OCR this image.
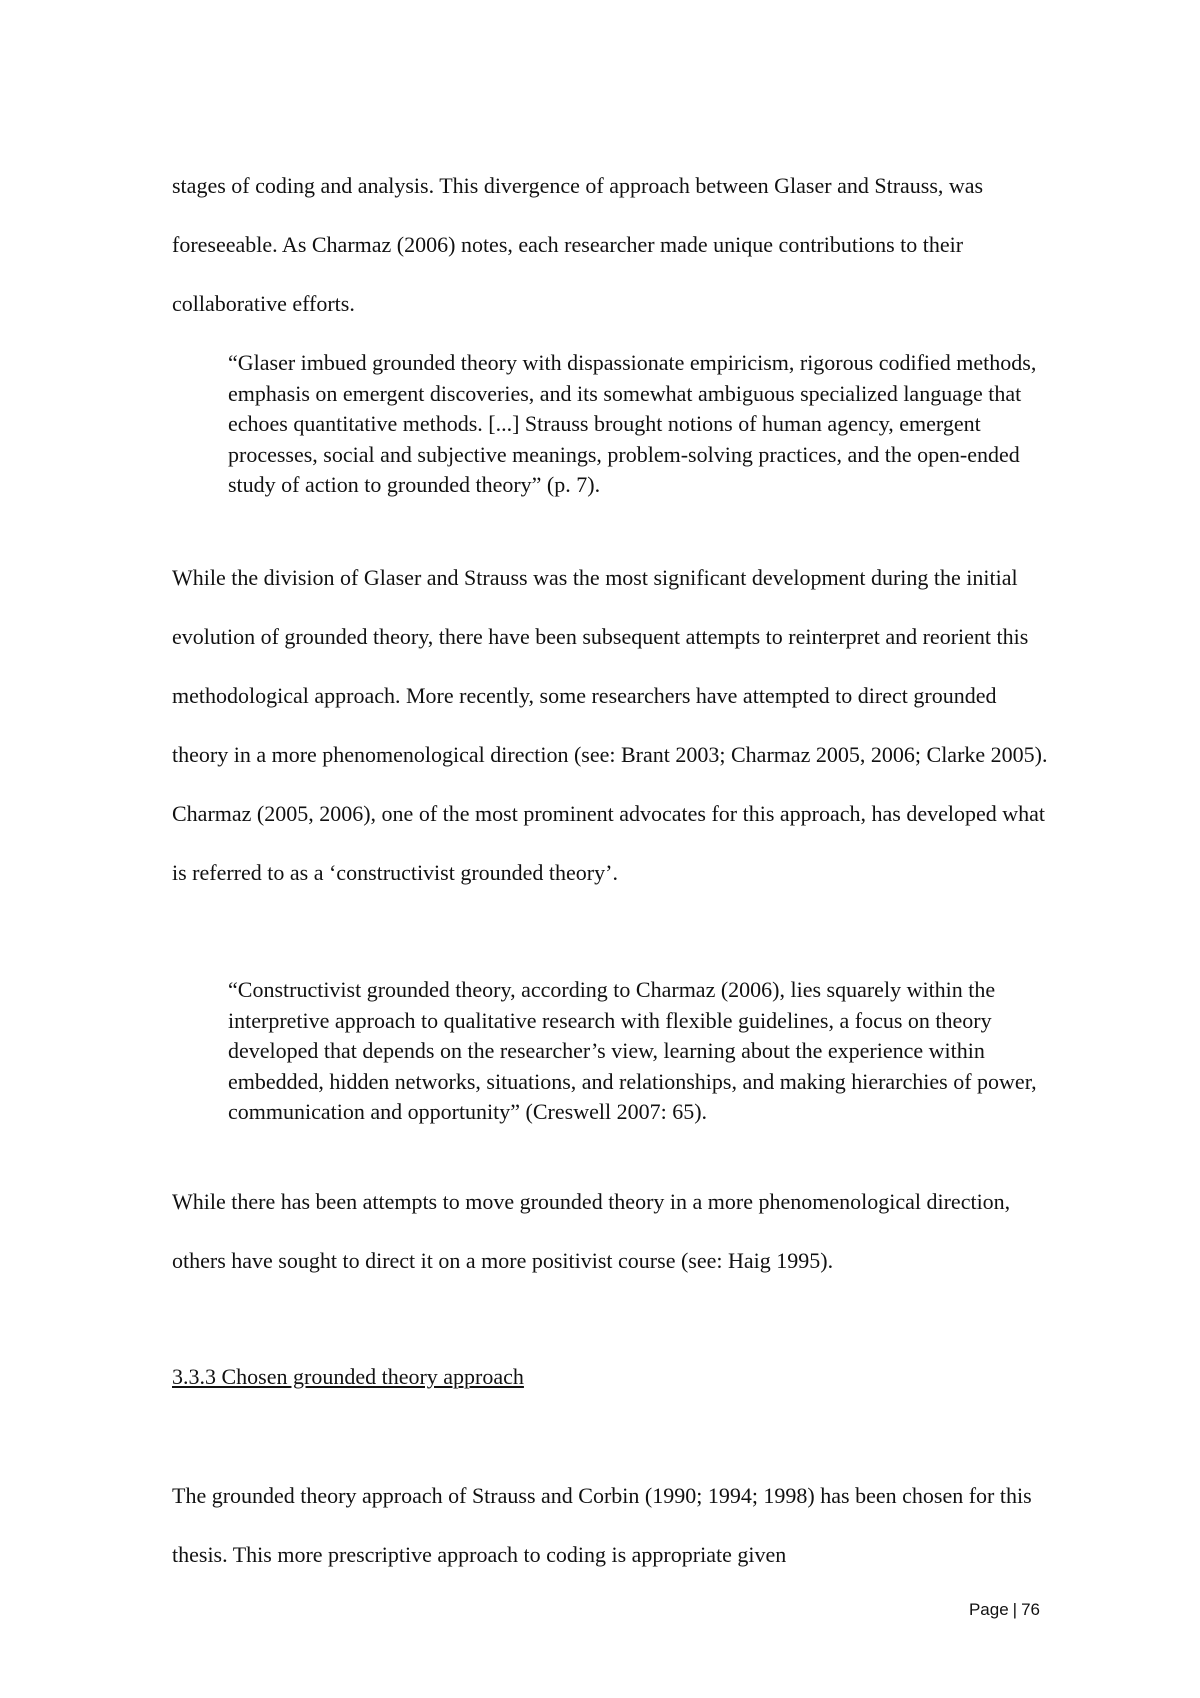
stages of coding and analysis. This divergence of approach between Glaser and Strauss, was foreseeable. As Charmaz (2006) notes, each researcher made unique contributions to their collaborative efforts.

“Glaser imbued grounded theory with dispassionate empiricism, rigorous codified methods, emphasis on emergent discoveries, and its somewhat ambiguous specialized language that echoes quantitative methods. [...] Strauss brought notions of human agency, emergent processes, social and subjective meanings, problem-solving practices, and the open-ended study of action to grounded theory” (p. 7).

While the division of Glaser and Strauss was the most significant development during the initial evolution of grounded theory, there have been subsequent attempts to reinterpret and reorient this methodological approach. More recently, some researchers have attempted to direct grounded theory in a more phenomenological direction (see: Brant 2003; Charmaz 2005, 2006; Clarke 2005). Charmaz (2005, 2006), one of the most prominent advocates for this approach, has developed what is referred to as a ‘constructivist grounded theory’.

“Constructivist grounded theory, according to Charmaz (2006), lies squarely within the interpretive approach to qualitative research with flexible guidelines, a focus on theory developed that depends on the researcher’s view, learning about the experience within embedded, hidden networks, situations, and relationships, and making hierarchies of power, communication and opportunity” (Creswell 2007: 65).

While there has been attempts to move grounded theory in a more phenomenological direction, others have sought to direct it on a more positivist course (see: Haig 1995).

3.3.3 Chosen grounded theory approach

The grounded theory approach of Strauss and Corbin (1990; 1994; 1998) has been chosen for this thesis. This more prescriptive approach to coding is appropriate given

Page | 76
